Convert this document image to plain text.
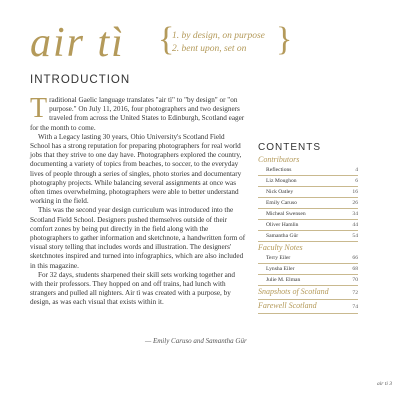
air tì {
1. by design, on purpose
2. bent upon, set on }
INTRODUCTION

Traditional Gaelic language translates "air tì" to "by design" or "on purpose." On July 11, 2016, four photographers and two designers traveled from across the United States to Edinburgh, Scotland eager for the month to come.

With a Legacy lasting 30 years, Ohio University's Scotland Field School has a strong reputation for preparing photographers for real world jobs that they strive to one day have. Photographers explored the country, documenting a variety of topics from beaches, to soccer, to the everyday lives of people through a series of singles, photo stories and documentary photography projects. While balancing several assignments at once was often times overwhelming, photographers were able to better understand working in the field.

This was the second year design curriculum was introduced into the Scotland Field School. Designers pushed themselves outside of their comfort zones by being put directly in the field along with the photographers to gather information and sketchnote, a handwritten form of visual story telling that includes words and illustration. The designers' sketchnotes inspired and turned into infographics, which are also included in this magazine.

For 32 days, students sharpened their skill sets working together and with their professors. They hopped on and off trains, had lunch with strangers and pulled all nighters. Air tì was created with a purpose, by design, as was each visual that exists within it.

— Emily Caruso and Samantha Gür
CONTENTS
Contributors
Reflections	4
Liz Moughon	6
Nick Oatley	16
Emily Caruso	26
Micheal Swensen	34
Oliver Hamlin	44
Samantha Gür	54
Faculty Notes
Terry Eiler	66
Lynsha Eiler	68
Julie M. Elman	70
Snapshots of Scotland	72
Farewell Scotland	74
air tì 3
